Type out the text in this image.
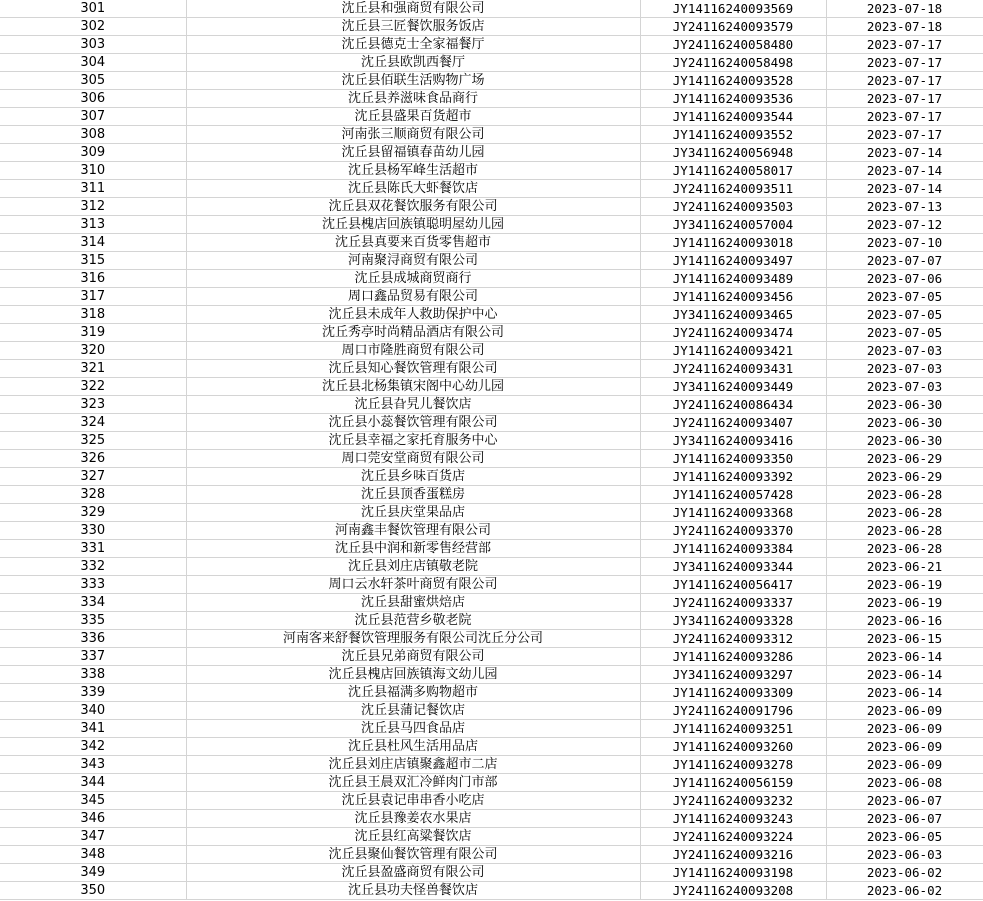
301	沈丘县和强商贸有限公司	JY14116240093569	2023-07-18
302	沈丘县三匠餐饮服务饭店	JY24116240093579	2023-07-18
303	沈丘县德克士全家福餐厅	JY24116240058480	2023-07-17
304	沈丘县欧凯西餐厅	JY24116240058498	2023-07-17
305	沈丘县佰联生活购物广场	JY14116240093528	2023-07-17
306	沈丘县养滋味食品商行	JY14116240093536	2023-07-17
307	沈丘县盛果百货超市	JY14116240093544	2023-07-17
308	河南张三顺商贸有限公司	JY14116240093552	2023-07-17
309	沈丘县留福镇春苗幼儿园	JY34116240056948	2023-07-14
310	沈丘县杨军峰生活超市	JY14116240058017	2023-07-14
311	沈丘县陈氏大虾餐饮店	JY24116240093511	2023-07-14
312	沈丘县双花餐饮服务有限公司	JY24116240093503	2023-07-13
313	沈丘县槐店回族镇聪明屋幼儿园	JY34116240057004	2023-07-12
314	沈丘县真要来百货零售超市	JY14116240093018	2023-07-10
315	河南聚浔商贸有限公司	JY14116240093497	2023-07-07
316	沈丘县成城商贸商行	JY14116240093489	2023-07-06
317	周口鑫品贸易有限公司	JY14116240093456	2023-07-05
318	沈丘县未成年人救助保护中心	JY34116240093465	2023-07-05
319	沈丘秀亭时尚精品酒店有限公司	JY24116240093474	2023-07-05
320	周口市隆胜商贸有限公司	JY14116240093421	2023-07-03
321	沈丘县知心餐饮管理有限公司	JY24116240093431	2023-07-03
322	沈丘县北杨集镇宋阁中心幼儿园	JY34116240093449	2023-07-03
323	沈丘县旮旯儿餐饮店	JY24116240086434	2023-06-30
324	沈丘县小蕊餐饮管理有限公司	JY24116240093407	2023-06-30
325	沈丘县幸福之家托育服务中心	JY34116240093416	2023-06-30
326	周口莞安堂商贸有限公司	JY14116240093350	2023-06-29
327	沈丘县乡味百货店	JY14116240093392	2023-06-29
328	沈丘县顶香蛋糕房	JY14116240057428	2023-06-28
329	沈丘县庆堂果品店	JY14116240093368	2023-06-28
330	河南鑫丰餐饮管理有限公司	JY24116240093370	2023-06-28
331	沈丘县中润和新零售经营部	JY14116240093384	2023-06-28
332	沈丘县刘庄店镇敬老院	JY34116240093344	2023-06-21
333	周口云水轩茶叶商贸有限公司	JY14116240056417	2023-06-19
334	沈丘县甜蜜烘焙店	JY24116240093337	2023-06-19
335	沈丘县范营乡敬老院	JY34116240093328	2023-06-16
336	河南客来舒餐饮管理服务有限公司沈丘分公司	JY24116240093312	2023-06-15
337	沈丘县兄弟商贸有限公司	JY14116240093286	2023-06-14
338	沈丘县槐店回族镇海文幼儿园	JY34116240093297	2023-06-14
339	沈丘县福满多购物超市	JY14116240093309	2023-06-14
340	沈丘县蒲记餐饮店	JY24116240091796	2023-06-09
341	沈丘县马四食品店	JY14116240093251	2023-06-09
342	沈丘县杜风生活用品店	JY14116240093260	2023-06-09
343	沈丘县刘庄店镇聚鑫超市二店	JY14116240093278	2023-06-09
344	沈丘县王晨双汇冷鲜肉门市部	JY14116240056159	2023-06-08
345	沈丘县袁记串串香小吃店	JY24116240093232	2023-06-07
346	沈丘县豫姜农水果店	JY14116240093243	2023-06-07
347	沈丘县红高粱餐饮店	JY24116240093224	2023-06-05
348	沈丘县聚仙餐饮管理有限公司	JY24116240093216	2023-06-03
349	沈丘县盈盛商贸有限公司	JY14116240093198	2023-06-02
350	沈丘县功夫怪兽餐饮店	JY24116240093208	2023-06-02
